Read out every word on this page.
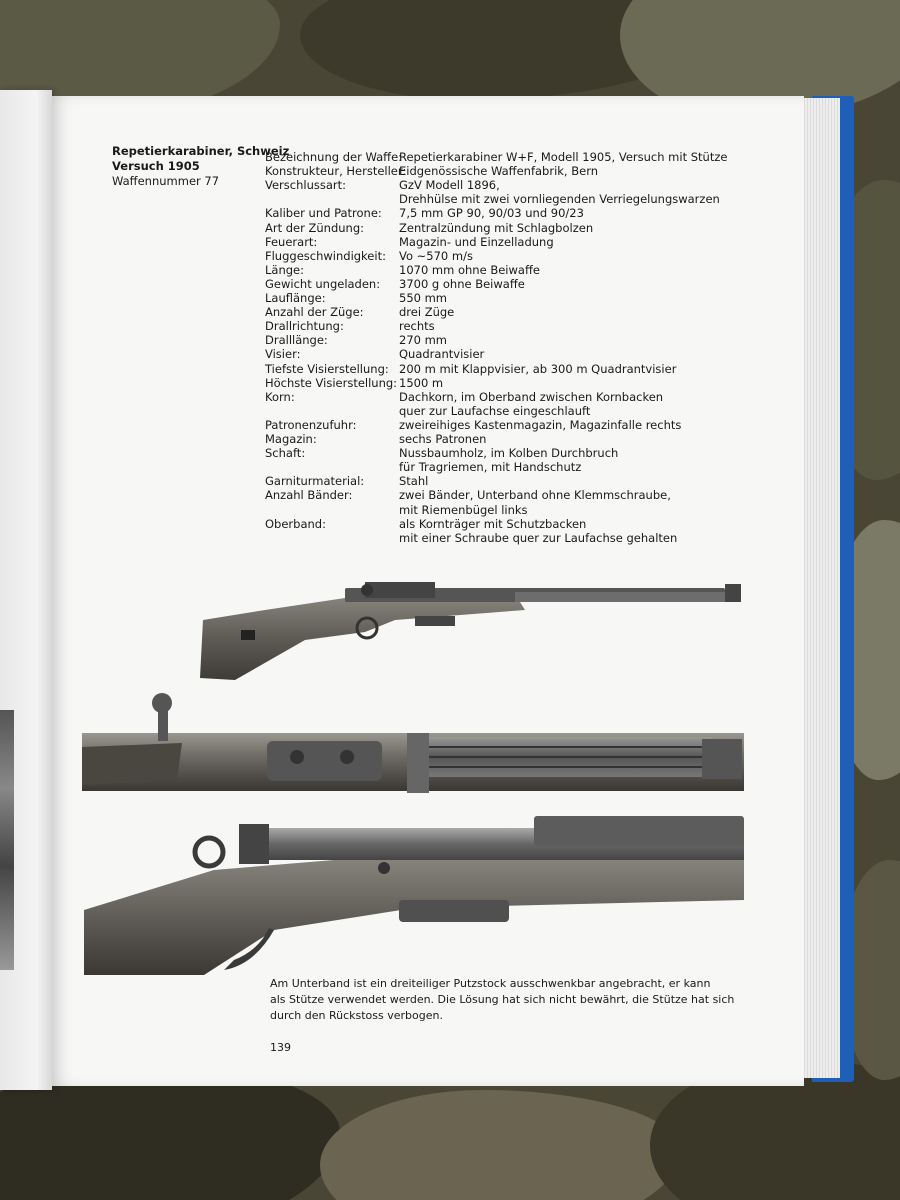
Repetierkarabiner, Schweiz
Versuch 1905
Waffennummer 77
Bezeichnung der Waffe:
Repetierkarabiner W+F, Modell 1905, Versuch mit Stütze
Konstrukteur, Hersteller:
Eidgenössische Waffenfabrik, Bern
Verschlussart:	GzV Modell 1896,
Drehhülse mit zwei vornliegenden Verriegelungswarzen
Kaliber und Patrone: 7,5 mm GP 90, 90/03 und 90/23
Art der Zündung:	Zentralzündung mit Schlagbolzen
Feuerart:	Magazin- und Einzelladung
Fluggeschwindigkeit: Vo ~570 m/s
Länge:	1070 mm ohne Beiwaffe
Gewicht ungeladen: 3700 g ohne Beiwaffe
Lauflänge:	550 mm
Anzahl der Züge:	drei Züge
Drallrichtung:	rechts
Dralllänge:	270 mm
Visier:	Quadrantvisier
Tiefste Visierstellung: 200 m mit Klappvisier, ab 300 m Quadrantvisier
Höchste Visierstellung: 1500 m
Korn:	Dachkorn, im Oberband zwischen Kornbacken
quer zur Laufachse eingeschlauft
Patronenzufuhr:	zweireihiges Kastenmagazin, Magazinfalle rechts
Magazin:	sechs Patronen
Schaft:	Nussbaumholz, im Kolben Durchbruch
für Tragriemen, mit Handschutz
Garniturmaterial:	Stahl
Anzahl Bänder:	zwei Bänder, Unterband ohne Klemmschraube,
mit Riemenbügel links
Oberband:	als Kornträger mit Schutzbacken
mit einer Schraube quer zur Laufachse gehalten
Am Unterband ist ein dreiteiliger Putzstock ausschwenkbar angebracht, er kann
als Stütze verwendet werden. Die Lösung hat sich nicht bewährt, die Stütze hat sich
durch den Rückstoss verbogen.
139
